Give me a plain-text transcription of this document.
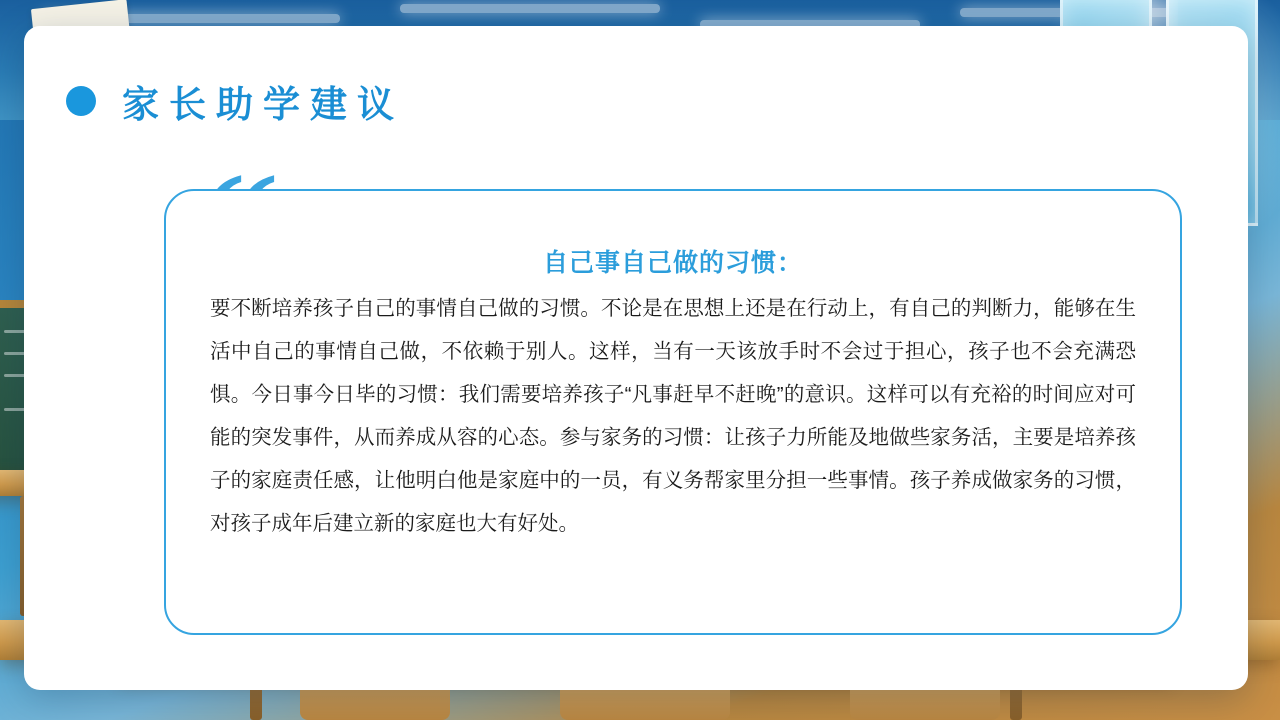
家长助学建议
自己事自己做的习惯：
要不断培养孩子自己的事情自己做的习惯。不论是在思想上还是在行动上，有自己的判断力，能够在生活中自己的事情自己做，不依赖于别人。这样，当有一天该放手时不会过于担心，孩子也不会充满恐惧。今日事今日毕的习惯：我们需要培养孩子“凡事赶早不赶晚”的意识。这样可以有充裕的时间应对可能的突发事件，从而养成从容的心态。参与家务的习惯：让孩子力所能及地做些家务活，主要是培养孩子的家庭责任感，让他明白他是家庭中的一员，有义务帮家里分担一些事情。孩子养成做家务的习惯，对孩子成年后建立新的家庭也大有好处。
